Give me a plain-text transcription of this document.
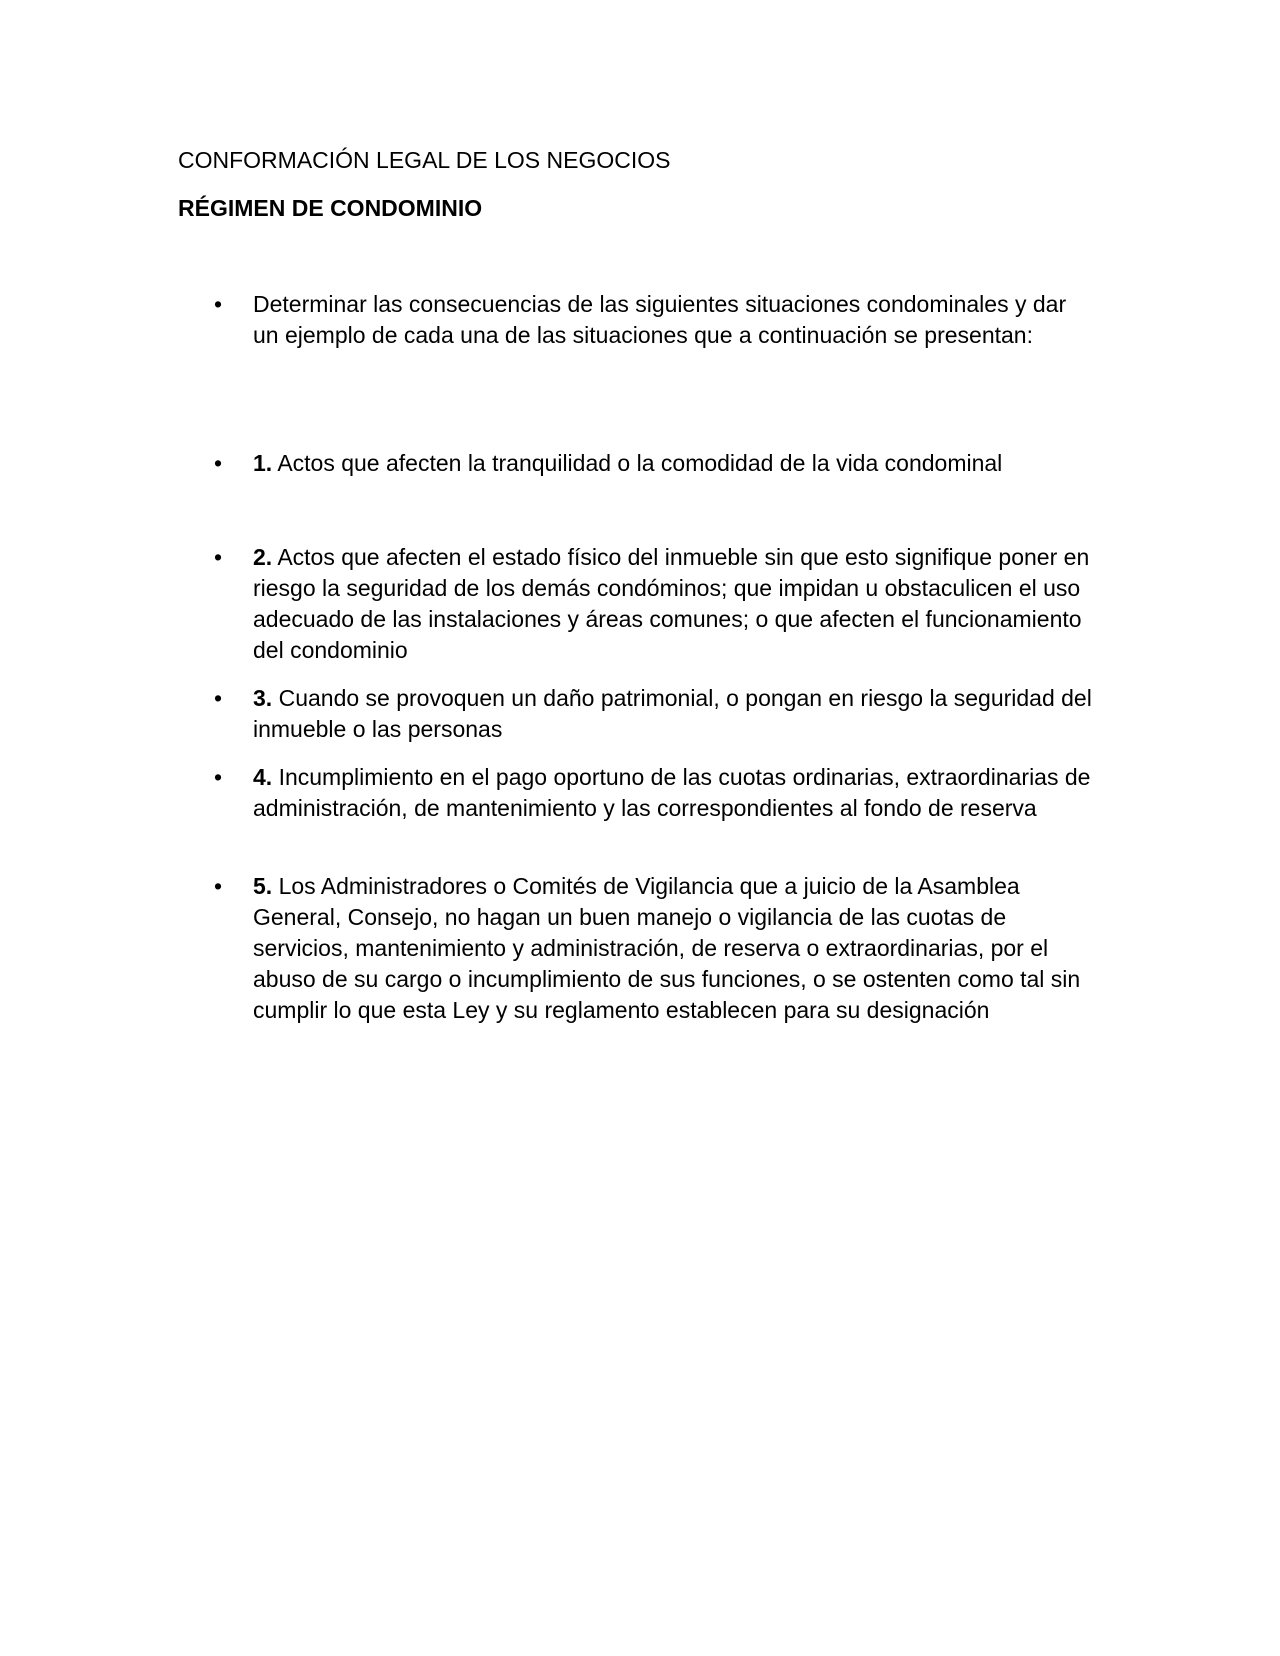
CONFORMACIÓN LEGAL DE LOS NEGOCIOS
RÉGIMEN DE CONDOMINIO
•	Determinar las consecuencias de las siguientes situaciones condominales y dar un ejemplo de cada una de las situaciones que a continuación se presentan:
•	1. Actos que afecten la tranquilidad o la comodidad de la vida condominal
•	2. Actos que afecten el estado físico del inmueble sin que esto signifique poner en riesgo la seguridad de los demás condóminos; que impidan u obstaculicen el uso adecuado de las instalaciones y áreas comunes; o que afecten el funcionamiento del condominio
•	3. Cuando se provoquen un daño patrimonial, o pongan en riesgo la seguridad del inmueble o las personas
•	4. Incumplimiento en el pago oportuno de las cuotas ordinarias, extraordinarias de administración, de mantenimiento y las correspondientes al fondo de reserva
•	5. Los Administradores o Comités de Vigilancia que a juicio de la Asamblea General, Consejo, no hagan un buen manejo o vigilancia de las cuotas de servicios, mantenimiento y administración, de reserva o extraordinarias, por el abuso de su cargo o incumplimiento de sus funciones, o se ostenten como tal sin cumplir lo que esta Ley y su reglamento establecen para su designación
